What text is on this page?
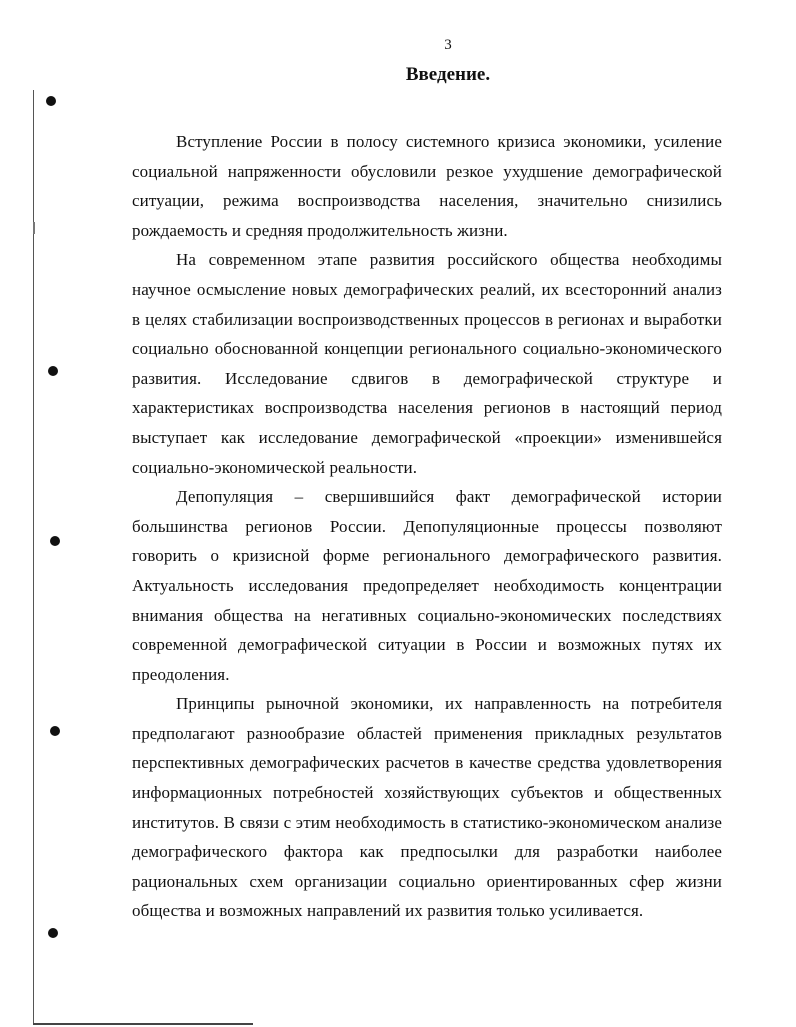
3
Введение.

Вступление России в полосу системного кризиса экономики, усиление социальной напряженности обусловили резкое ухудшение демографической ситуации, режима воспроизводства населения, значительно снизились рождаемость и средняя продолжительность жизни.

На современном этапе развития российского общества необходимы научное осмысление новых демографических реалий, их всесторонний анализ в целях стабилизации воспроизводственных процессов в регионах и выработки социально обоснованной концепции регионального социально-экономического развития. Исследование сдвигов в демографической структуре и характеристиках воспроизводства населения регионов в настоящий период выступает как исследование демографической «проекции» изменившейся социально-экономической реальности.

Депопуляция – свершившийся факт демографической истории большинства регионов России. Депопуляционные процессы позволяют говорить о кризисной форме регионального демографического развития. Актуальность исследования предопределяет необходимость концентрации внимания общества на негативных социально-экономических последствиях современной демографической ситуации в России и возможных путях их преодоления.

Принципы рыночной экономики, их направленность на потребителя предполагают разнообразие областей применения прикладных результатов перспективных демографических расчетов в качестве средства удовлетворения информационных потребностей хозяйствующих субъектов и общественных институтов. В связи с этим необходимость в статистико-экономическом анализе демографического фактора как предпосылки для разработки наиболее рациональных схем организации социально ориентированных сфер жизни общества и возможных направлений их развития только усиливается.
